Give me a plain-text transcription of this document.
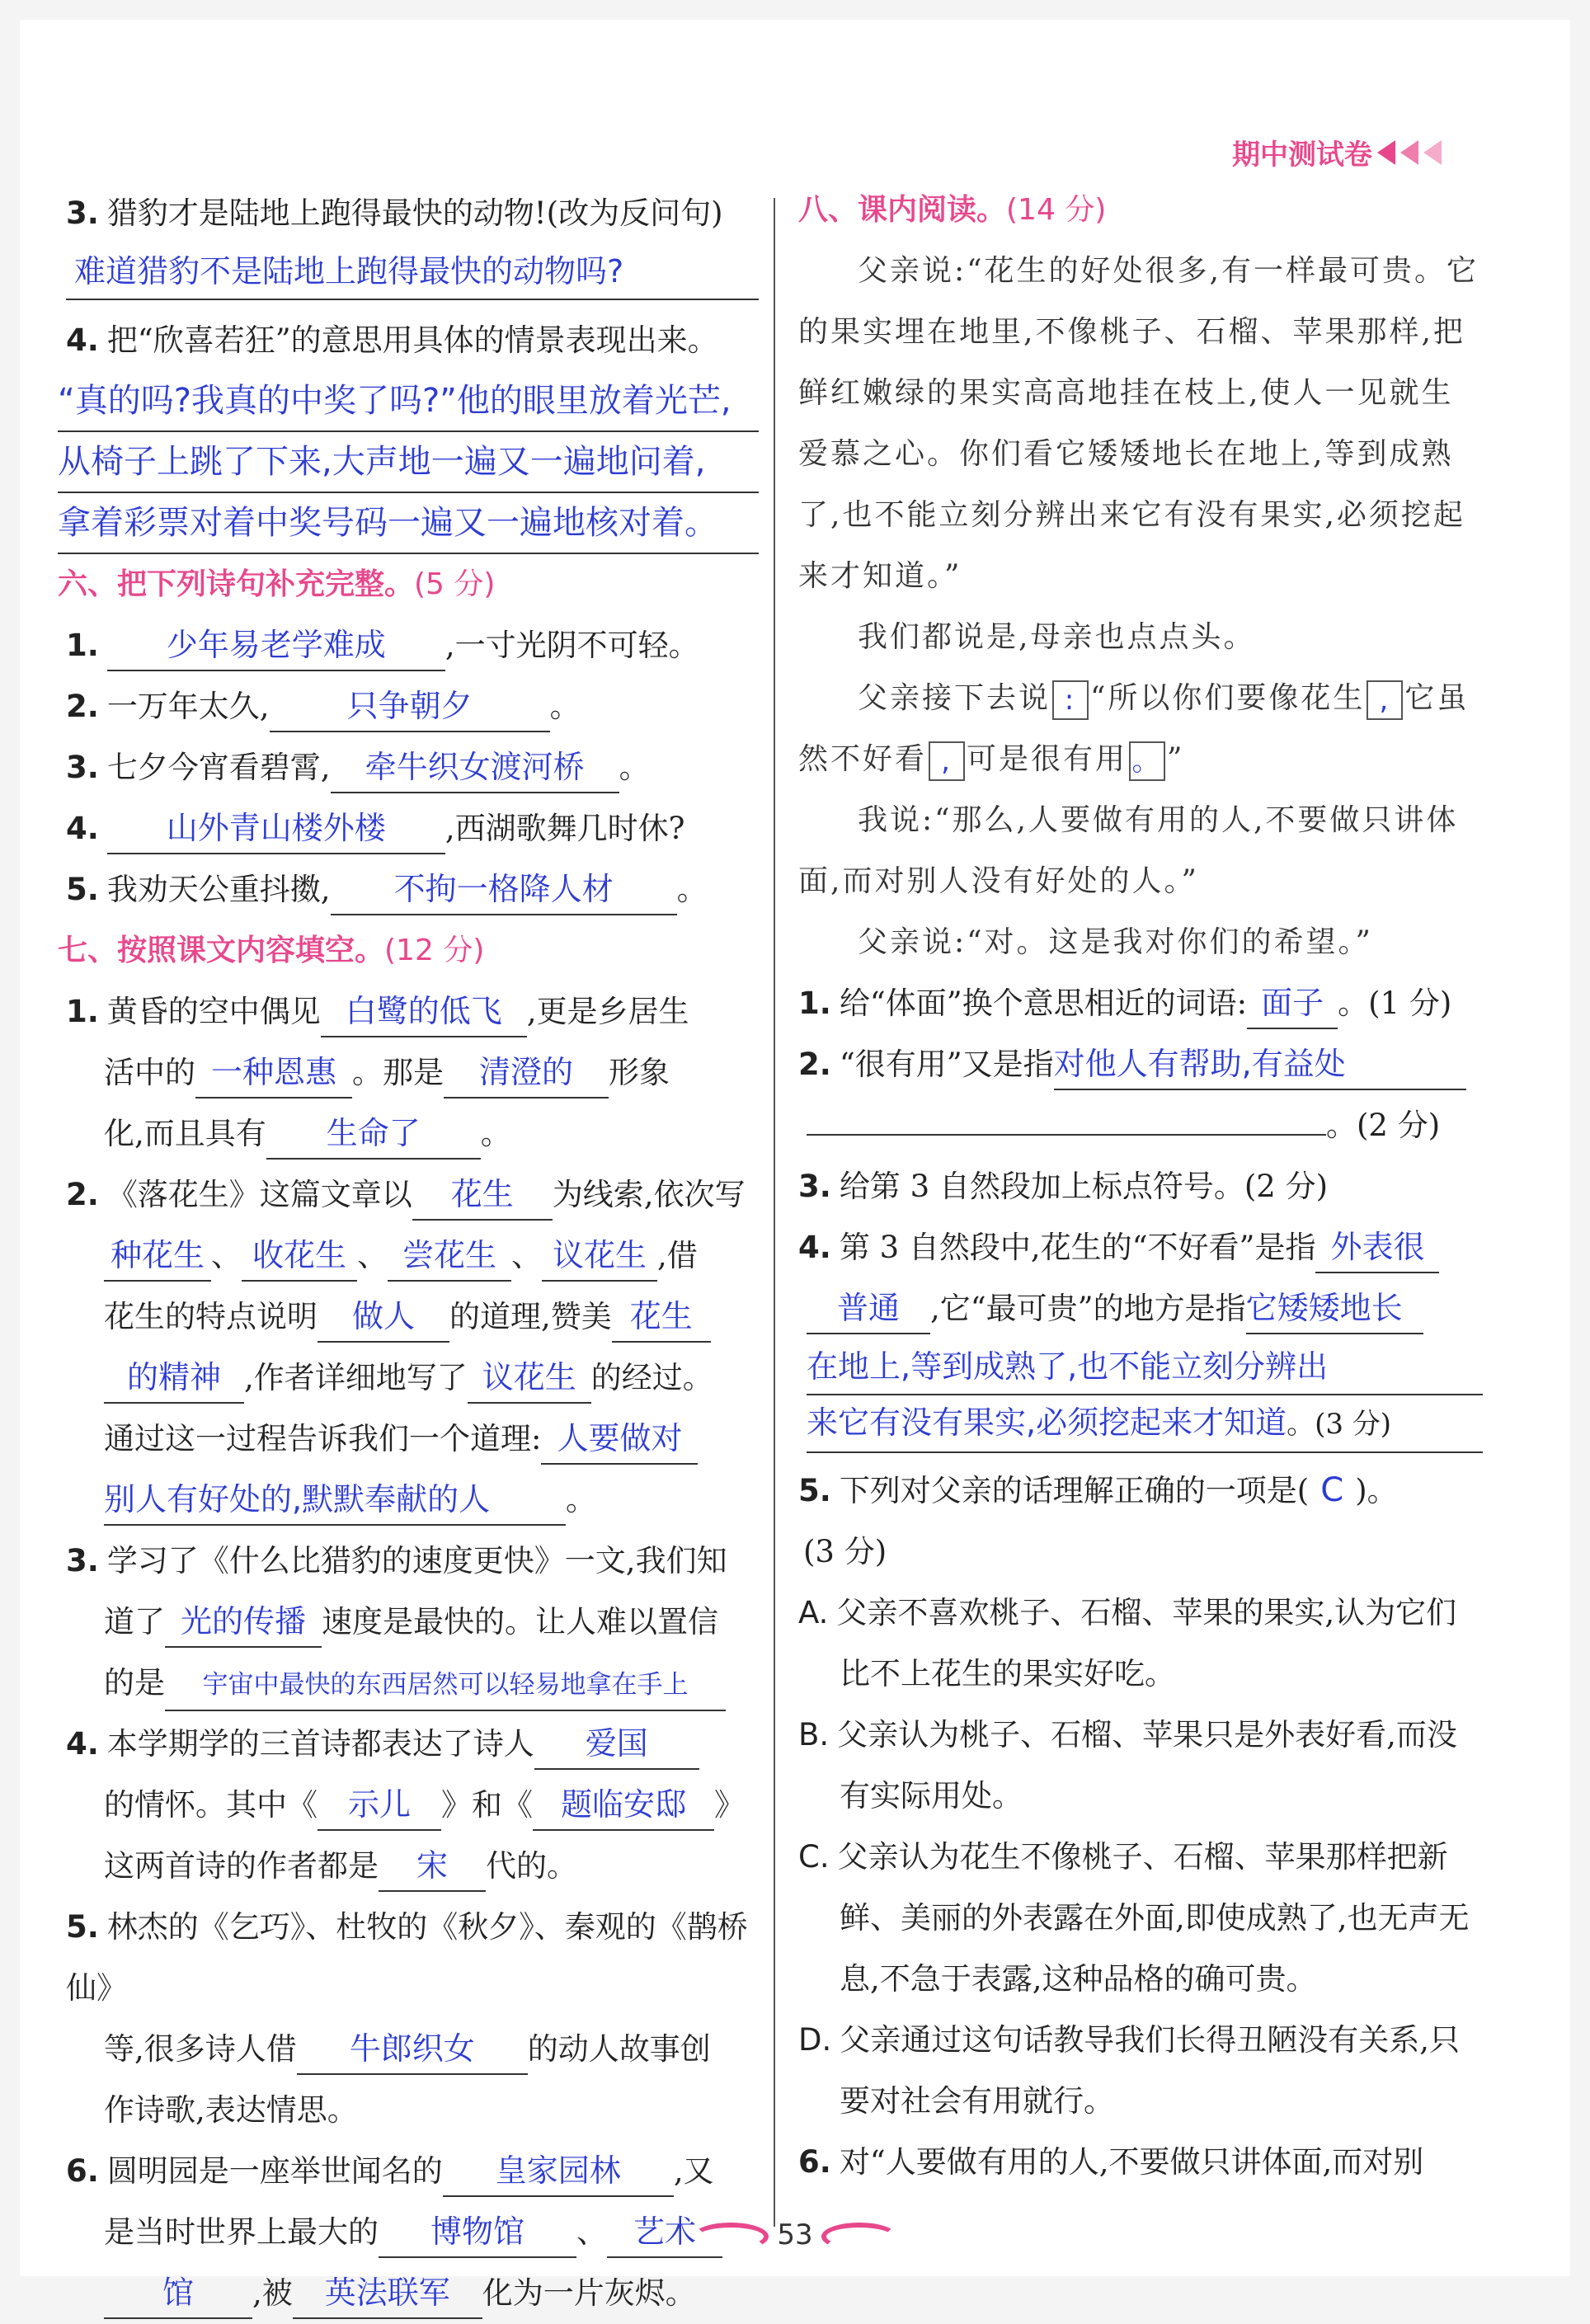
期中测试卷
3. 猎豹才是陆地上跑得最快的动物!(改为反问句)
难道猎豹不是陆地上跑得最快的动物吗?
4. 把“欣喜若狂”的意思用具体的情景表现出来。
“真的吗?我真的中奖了吗?”他的眼里放着光芒,
从椅子上跳了下来,大声地一遍又一遍地问着,
拿着彩票对着中奖号码一遍又一遍地核对着。
六、把下列诗句补充完整。(5 分)
1. 少年易老学难成 ,一寸光阴不可轻。
2. 一万年太久, 只争朝夕	。
3. 七夕今宵看碧霄, 牵牛织女渡河桥 。
4. 山外青山楼外楼 ,西湖歌舞几时休?
5. 我劝天公重抖擞, 不拘一格降人材 。
七、按照课文内容填空。(12 分)
1. 黄昏的空中偶见 白鹭的低飞 ,更是乡居生
活中的 一种恩惠 。那是 清澄的 形象
化,而且具有 生命了 。
2. 《落花生》这篇文章以 花生 为线索,依次写
种花生 、 收花生 、 尝花生 、 议花生 ,借
花生的特点说明 做人 的道理,赞美 花生
的精神 ,作者详细地写了 议花生 的经过。
通过这一过程告诉我们一个道理: 人要做对
别人有好处的,默默奉献的人 。
3. 学习了《什么比猎豹的速度更快》一文,我们知
道了 光的传播 速度是最快的。让人难以置信
的是 宇宙中最快的东西居然可以轻易地拿在手上
4. 本学期学的三首诗都表达了诗人 爱国
的情怀。其中《 示儿 》和《 题临安邸 》
这两首诗的作者都是 宋 代的。
5. 林杰的《乞巧》、杜牧的《秋夕》、秦观的《鹊桥仙》
等,很多诗人借 牛郎织女 的动人故事创
作诗歌,表达情思。
6. 圆明园是一座举世闻名的 皇家园林 ,又
是当时世界上最大的 博物馆 、 艺术
馆 ,被 英法联军 化为一片灰烬。
八、课内阅读。(14 分)
父亲说:“花生的好处很多,有一样最可贵。它的果实埋在地里,不像桃子、石榴、苹果那样,把鲜红嫩绿的果实高高地挂在枝上,使人一见就生爱慕之心。你们看它矮矮地长在地上,等到成熟了,也不能立刻分辨出来它有没有果实,必须挖起来才知道。”
我们都说是,母亲也点点头。
父亲接下去说 : “所以你们要像花生 , 它虽然不好看 , 可是很有用 。 ”
我说:“那么,人要做有用的人,不要做只讲体面,而对别人没有好处的人。”
父亲说:“对。这是我对你们的希望。”
1. 给“体面”换个意思相近的词语: 面子 。(1 分)
2. “很有用”又是指对他人有帮助,有益处
。(2 分)
3. 给第 3 自然段加上标点符号。(2 分)
4. 第 3 自然段中,花生的“不好看”是指 外表很
普通 ,它“最可贵”的地方是指它矮矮地长

在地上,等到成熟了,也不能立刻分辨出
来它有没有果实,必须挖起来才知道。(3 分)
5. 下列对父亲的话理解正确的一项是( C )。
(3 分)
A. 父亲不喜欢桃子、石榴、苹果的果实,认为它们比不上花生的果实好吃。
B. 父亲认为桃子、石榴、苹果只是外表好看,而没有实际用处。
C. 父亲认为花生不像桃子、石榴、苹果那样把新鲜、美丽的外表露在外面,即使成熟了,也无声无息,不急于表露,这种品格的确可贵。
D. 父亲通过这句话教导我们长得丑陋没有关系,只要对社会有用就行。
6. 对“人要做有用的人,不要做只讲体面,而对别
53
